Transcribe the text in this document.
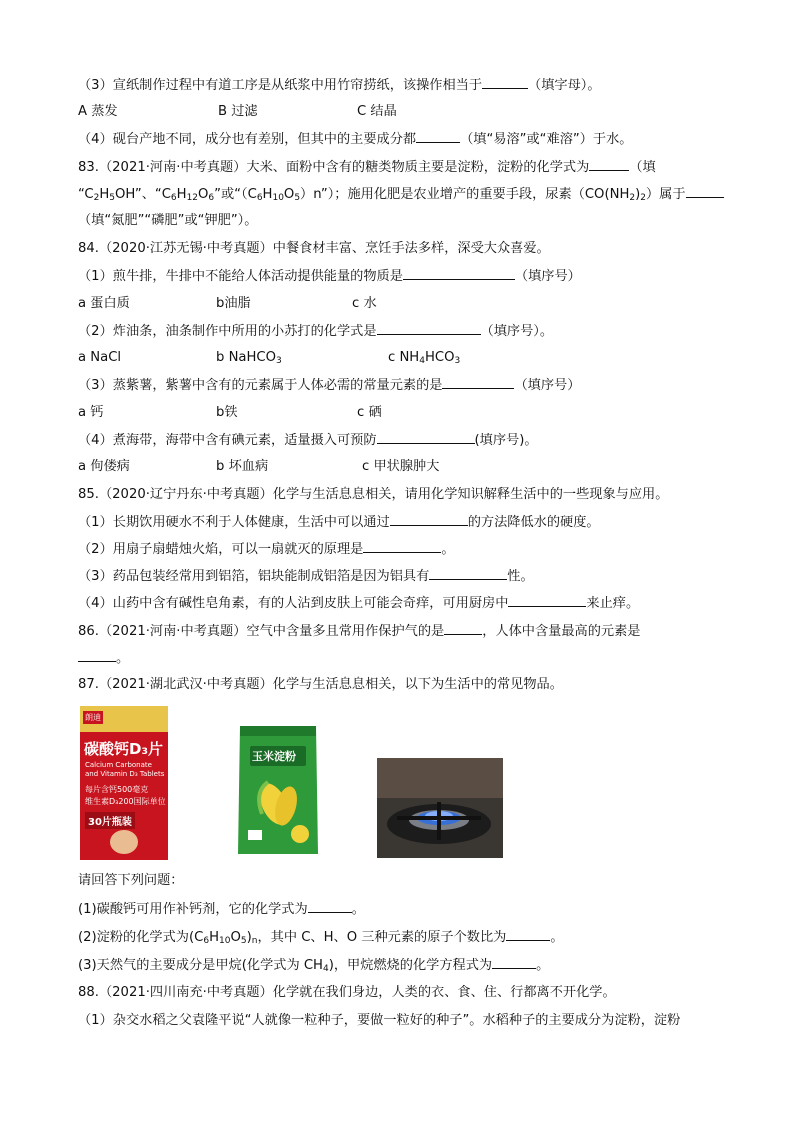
（3）宣纸制作过程中有道工序是从纸浆中用竹帘捞纸，该操作相当于	（填字母）。
A 蒸发	B 过滤	C 结晶
（4）砚台产地不同，成分也有差别，但其中的主要成分都	（填“易溶”或“难溶”）于水。
83.（2021·河南·中考真题）大米、面粉中含有的糖类物质主要是淀粉，淀粉的化学式为	（填
“$C_2H_5OH$”、“$C_6H_{12}O_6$”或“$(C_6H_{10}O_5)n$”）；施用化肥是农业增产的重要手段，尿素$(CO(NH_2)_2)$属于
（填“氮肥”“磷肥”或“钾肥”）。
84.（2020·江苏无锡·中考真题）中餐食材丰富、烹饪手法多样，深受大众喜爱。
（1）煎牛排，牛排中不能给人体活动提供能量的物质是	（填序号）
a 蛋白质	b油脂	c 水
（2）炸油条，油条制作中所用的小苏打的化学式是	（填序号）。
a NaCl	b NaHCO$_3$	c $NH_4HCO_3$
（3）蒸紫薯，紫薯中含有的元素属于人体必需的常量元素的是	（填序号）
a 钙	b铁	c 硒
（4）煮海带，海带中含有碘元素，适量摄入可预防	(填序号)。
a 佝偻病	b 坏血病	c 甲状腺肿大
85.（2020·辽宁丹东·中考真题）化学与生活息息相关，请用化学知识解释生活中的一些现象与应用。
（1）长期饮用硬水不利于人体健康，生活中可以通过	的方法降低水的硬度。
（2）用扇子扇蜡烛火焰，可以一扇就灭的原理是	。
（3）药品包装经常用到铝箔，铝块能制成铝箔是因为铝具有	性。
（4）山药中含有碱性皂角素，有的人沾到皮肤上可能会奇痒，可用厨房中	来止痒。
86.（2021·河南·中考真题）空气中含量多且常用作保护气的是	，人体中含量最高的元素是
。
87.（2021·湖北武汉·中考真题）化学与生活息息相关，以下为生活中的常见物品。
朗迪
碳酸钙D₃片
Calcium Carbonate
and Vitamin D₃ Tablets
每片含钙500毫克
维生素D₃200国际单位
30片瓶装
玉米淀粉
请回答下列问题：
(1)碳酸钙可用作补钙剂，它的化学式为	。
(2)淀粉的化学式为$(C_6H_{10}O_5)_n$，其中 C、H、O 三种元素的原子个数比为	。
(3)天然气的主要成分是甲烷(化学式为 $CH_4$)，甲烷燃烧的化学方程式为	。
88.（2021·四川南充·中考真题）化学就在我们身边，人类的衣、食、住、行都离不开化学。
（1）杂交水稻之父袁隆平说“人就像一粒种子，要做一粒好的种子”。水稻种子的主要成分为淀粉，淀粉
